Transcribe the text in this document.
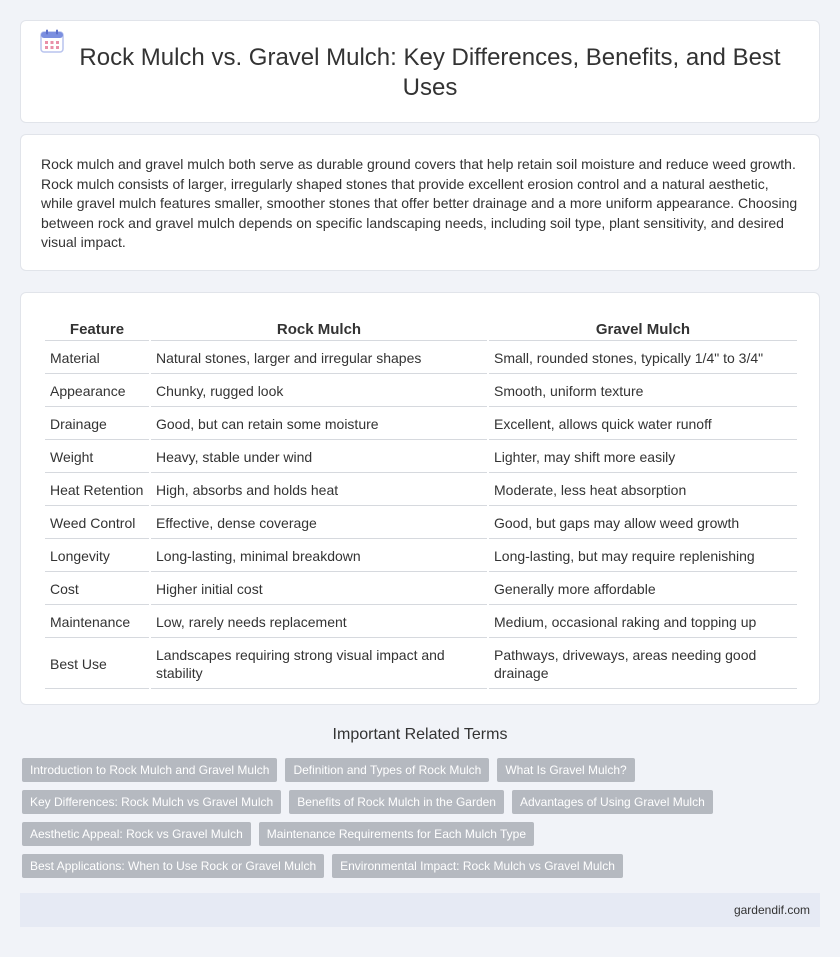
Rock Mulch vs. Gravel Mulch: Key Differences, Benefits, and Best Uses

Rock mulch and gravel mulch both serve as durable ground covers that help retain soil moisture and reduce weed growth. Rock mulch consists of larger, irregularly shaped stones that provide excellent erosion control and a natural aesthetic, while gravel mulch features smaller, smoother stones that offer better drainage and a more uniform appearance. Choosing between rock and gravel mulch depends on specific landscaping needs, including soil type, plant sensitivity, and desired visual impact.

Feature	Rock Mulch	Gravel Mulch
Material	Natural stones, larger and irregular shapes	Small, rounded stones, typically 1/4" to 3/4"
Appearance	Chunky, rugged look	Smooth, uniform texture
Drainage	Good, but can retain some moisture	Excellent, allows quick water runoff
Weight	Heavy, stable under wind	Lighter, may shift more easily
Heat Retention	High, absorbs and holds heat	Moderate, less heat absorption
Weed Control	Effective, dense coverage	Good, but gaps may allow weed growth
Longevity	Long-lasting, minimal breakdown	Long-lasting, but may require replenishing
Cost	Higher initial cost	Generally more affordable
Maintenance	Low, rarely needs replacement	Medium, occasional raking and topping up
Best Use	Landscapes requiring strong visual impact and stability	Pathways, driveways, areas needing good drainage
Important Related Terms
Introduction to Rock Mulch and Gravel Mulch	Definition and Types of Rock Mulch	What Is Gravel Mulch?
Key Differences: Rock Mulch vs Gravel Mulch	Benefits of Rock Mulch in the Garden	Advantages of Using Gravel Mulch
Aesthetic Appeal: Rock vs Gravel Mulch	Maintenance Requirements for Each Mulch Type
Best Applications: When to Use Rock or Gravel Mulch	Environmental Impact: Rock Mulch vs Gravel Mulch
gardendif.com
